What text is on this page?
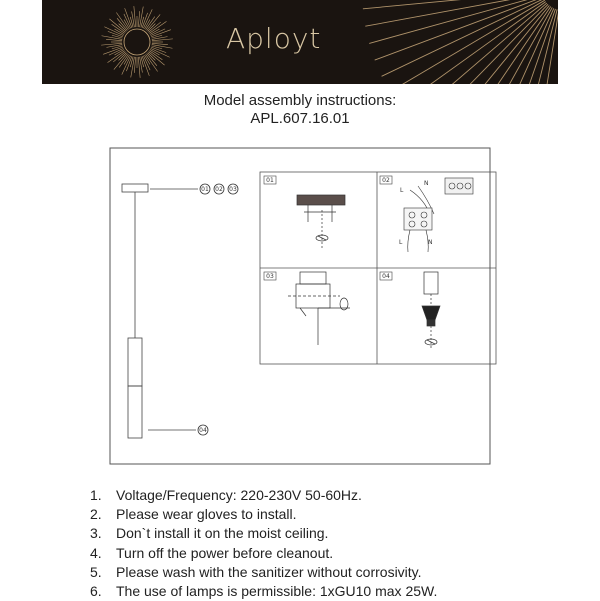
Aployt
Model assembly instructions:
APL.607.16.01
01 02 03
04
01	02
03	04
L
N
L	N
1. Voltage/Frequency: 220-230V 50-60Hz.
2. Please wear gloves to install.
3. Don`t install it on the moist ceiling.
4. Turn off the power before cleanout.
5. Please wash with the sanitizer without corrosivity.
6. The use of lamps is permissible: 1xGU10 max 25W.
